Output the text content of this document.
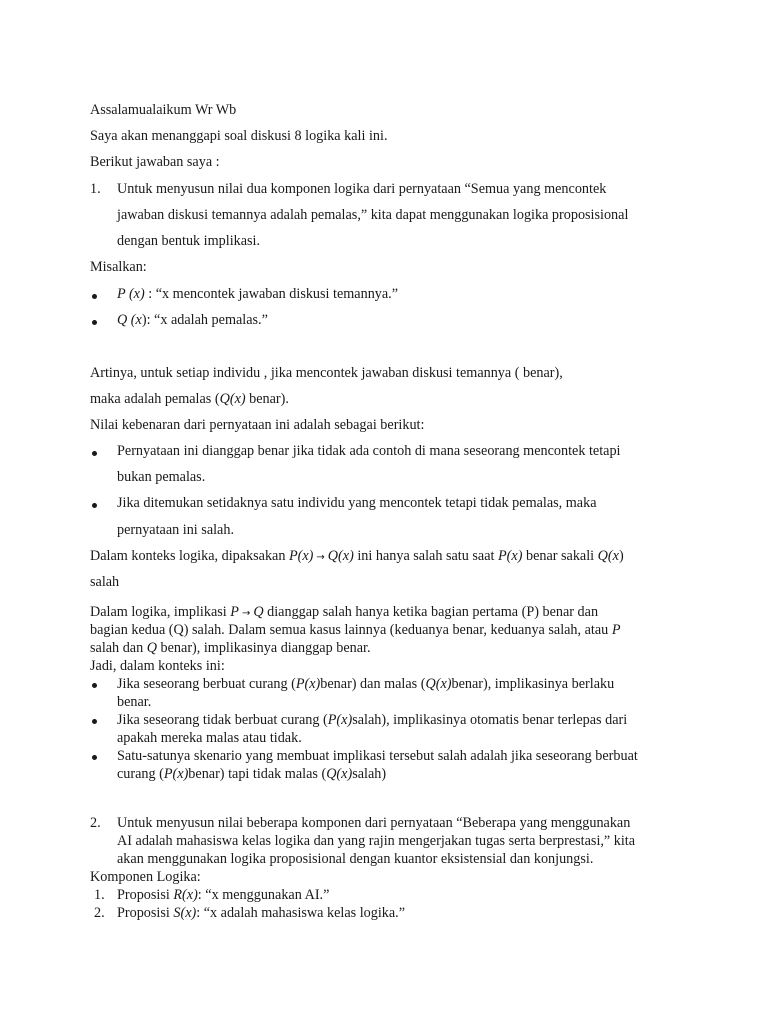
Assalamualaikum Wr Wb
Saya akan menanggapi soal diskusi 8 logika kali ini.
Berikut jawaban saya :
1. Untuk menyusun nilai dua komponen logika dari pernyataan “Semua yang mencontek
jawaban diskusi temannya adalah pemalas,” kita dapat menggunakan logika proposisional
dengan bentuk implikasi.
Misalkan:
P (x) : “x mencontek jawaban diskusi temannya.”
Q (x): “x adalah pemalas.”
Artinya, untuk setiap individu , jika mencontek jawaban diskusi temannya ( benar),
maka adalah pemalas (Q(x) benar).
Nilai kebenaran dari pernyataan ini adalah sebagai berikut:
Pernyataan ini dianggap benar jika tidak ada contoh di mana seseorang mencontek tetapi
bukan pemalas.
Jika ditemukan setidaknya satu individu yang mencontek tetapi tidak pemalas, maka
pernyataan ini salah.
Dalam konteks logika, dipaksakan P(x) → Q(x) ini hanya salah satu saat P(x) benar sakali Q(x)
salah
Dalam logika, implikasi P → Q dianggap salah hanya ketika bagian pertama (P) benar dan
bagian kedua (Q) salah. Dalam semua kasus lainnya (keduanya benar, keduanya salah, atau P
salah dan Q benar), implikasinya dianggap benar.
Jadi, dalam konteks ini:
Jika seseorang berbuat curang (P(x)benar) dan malas (Q(x)benar), implikasinya berlaku
benar.
Jika seseorang tidak berbuat curang (P(x)salah), implikasinya otomatis benar terlepas dari
apakah mereka malas atau tidak.
Satu-satunya skenario yang membuat implikasi tersebut salah adalah jika seseorang berbuat
curang (P(x)benar) tapi tidak malas (Q(x)salah)
2. Untuk menyusun nilai beberapa komponen dari pernyataan “Beberapa yang menggunakan
AI adalah mahasiswa kelas logika dan yang rajin mengerjakan tugas serta berprestasi,” kita
akan menggunakan logika proposisional dengan kuantor eksistensial dan konjungsi.
Komponen Logika:
1. Proposisi R(x): “x menggunakan AI.”
2. Proposisi S(x): “x adalah mahasiswa kelas logika.”
